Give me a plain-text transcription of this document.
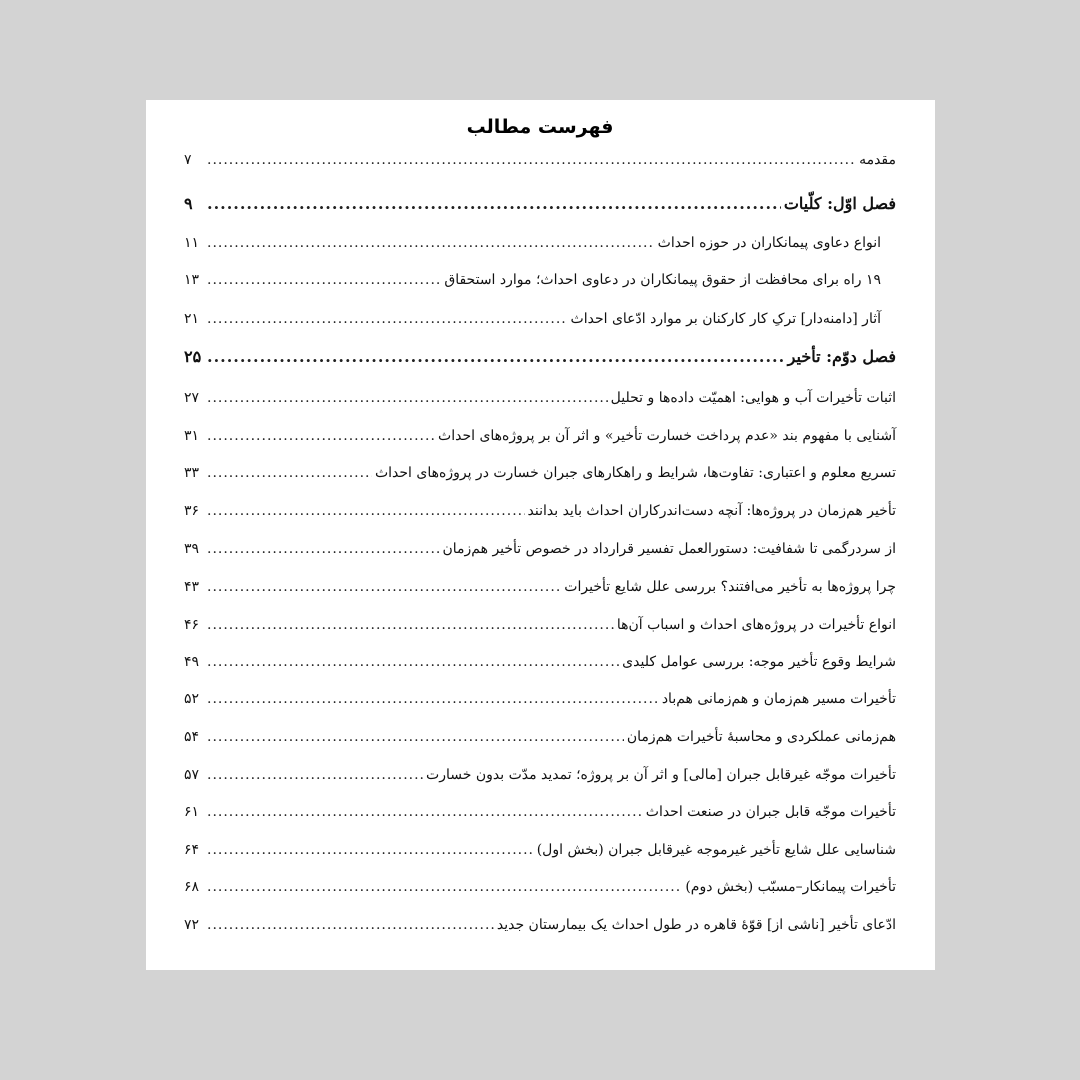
فهرست مطالب
مقدمه
.....
۷
فصل اوّل: کلّیات
.....
۹
انواع دعاوی پیمانکاران در حوزه احداث
.....
۱۱
۱۹ راه برای محافظت از حقوق پیمانکاران در دعاوی احداث؛ موارد استحقاق
.....
۱۳
آثار [دامنه‌دار] ترکِ کار کارکنان بر موارد ادّعای احداث
.....
۲۱
فصل دوّم: تأخیر
.....
۲۵
اثبات تأخیرات آب و هوایی: اهمیّت داده‌ها و تحلیل
.....
۲۷
آشنایی با مفهوم بند «عدم پرداخت خسارت تأخیر» و اثر آن بر پروژه‌های احداث
.....
۳۱
تسریع معلوم و اعتباری: تفاوت‌ها، شرایط و راهکارهای جبران خسارت در پروژه‌های احداث
.....
۳۳
تأخیر هم‌زمان در پروژه‌ها: آنچه دست‌اندرکاران احداث باید بدانند
.....
۳۶
از سردرگمی تا شفافیت: دستورالعمل تفسیر قرارداد در خصوص تأخیر هم‌زمان
.....
۳۹
چرا پروژه‌ها به تأخیر می‌افتند؟ بررسی علل شایع تأخیرات
.....
۴۳
انواع تأخیرات در پروژه‌های احداث و اسباب آن‌ها
.....
۴۶
شرایط وقوع تأخیر موجه: بررسی عوامل کلیدی
.....
۴۹
تأخیرات مسیر هم‌زمان و هم‌زمانی هم‌باد
.....
۵۲
هم‌زمانی عملکردی و محاسبهٔ تأخیرات هم‌زمان
.....
۵۴
تأخیرات موجّه غیرقابل جبران [مالی] و اثر آن بر پروژه؛ تمدید مدّت بدون خسارت
.....
۵۷
تأخیرات موجّه قابل جبران در صنعت احداث
.....
۶۱
شناسایی علل شایع تأخیر غیرموجه غیرقابل جبران (بخش اول)
.....
۶۴
تأخیرات پیمانکار–مسبّب (بخش دوم)
.....
۶۸
ادّعای تأخیر [ناشی از] قوّهٔ قاهره در طول احداث یک بیمارستان جدید
.....
۷۲
